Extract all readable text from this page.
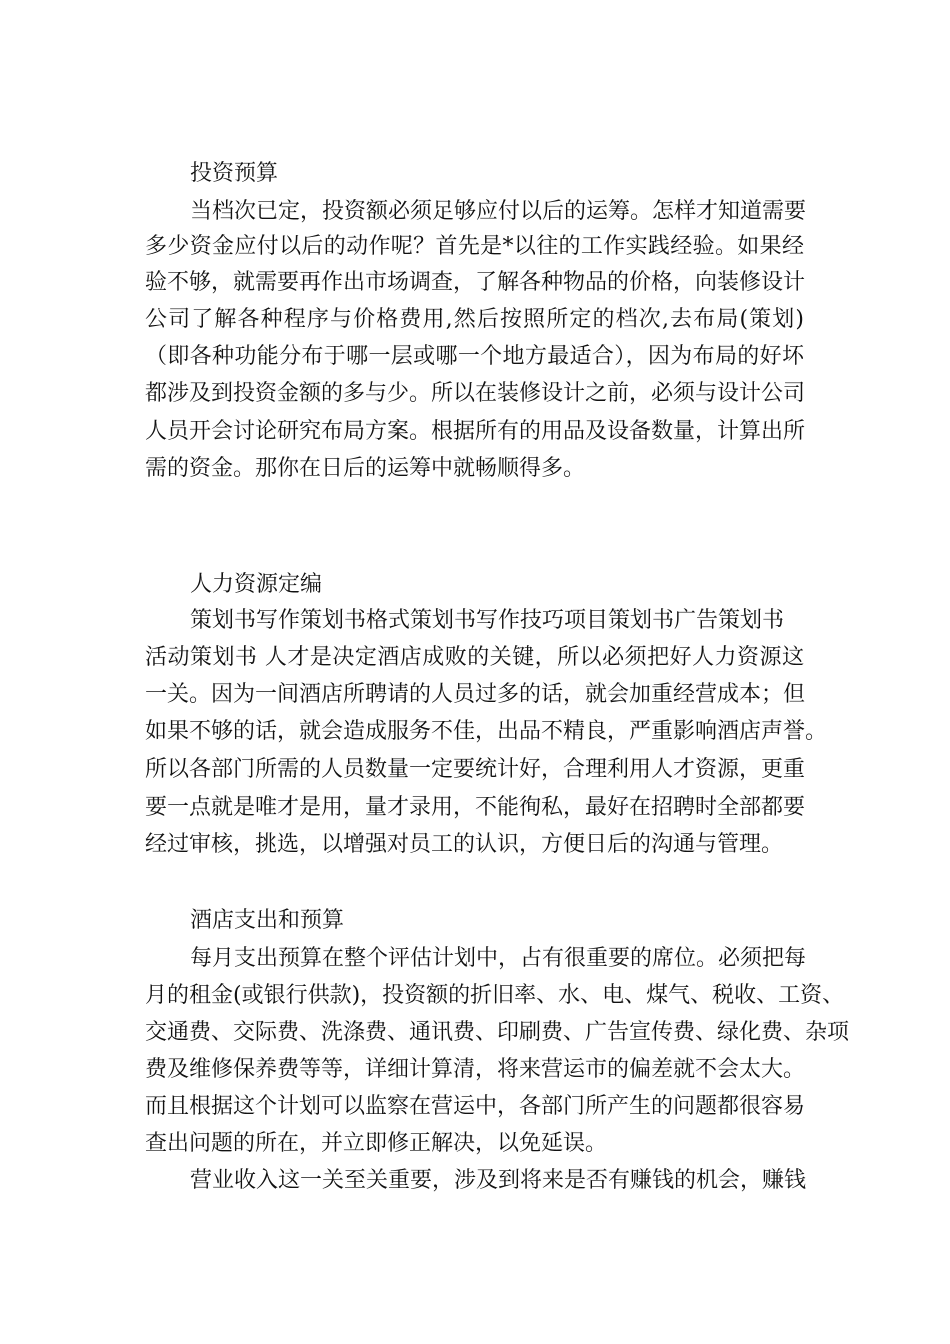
投资预算

当档次已定，投资额必须足够应付以后的运筹。怎样才知道需要

多少资金应付以后的动作呢？首先是*以往的工作实践经验。如果经

验不够，就需要再作出市场调查，了解各种物品的价格，向装修设计

公司了解各种程序与价格费用,然后按照所定的档次,去布局(策划)

（即各种功能分布于哪一层或哪一个地方最适合），因为布局的好坏

都涉及到投资金额的多与少。所以在装修设计之前，必须与设计公司

人员开会讨论研究布局方案。根据所有的用品及设备数量，计算出所

需的资金。那你在日后的运筹中就畅顺得多。

人力资源定编

策划书写作策划书格式策划书写作技巧项目策划书广告策划书

活动策划书 人才是决定酒店成败的关键，所以必须把好人力资源这

一关。因为一间酒店所聘请的人员过多的话，就会加重经营成本；但

如果不够的话，就会造成服务不佳，出品不精良，严重影响酒店声誉。

所以各部门所需的人员数量一定要统计好，合理利用人才资源，更重

要一点就是唯才是用，量才录用，不能徇私，最好在招聘时全部都要

经过审核，挑选，以增强对员工的认识，方便日后的沟通与管理。

酒店支出和预算

每月支出预算在整个评估计划中，占有很重要的席位。必须把每

月的租金(或银行供款)，投资额的折旧率、水、电、煤气、税收、工资、

交通费、交际费、洗涤费、通讯费、印刷费、广告宣传费、绿化费、杂项

费及维修保养费等等，详细计算清，将来营运市的偏差就不会太大。

而且根据这个计划可以监察在营运中，各部门所产生的问题都很容易

查出问题的所在，并立即修正解决，以免延误。

营业收入这一关至关重要，涉及到将来是否有赚钱的机会，赚钱
